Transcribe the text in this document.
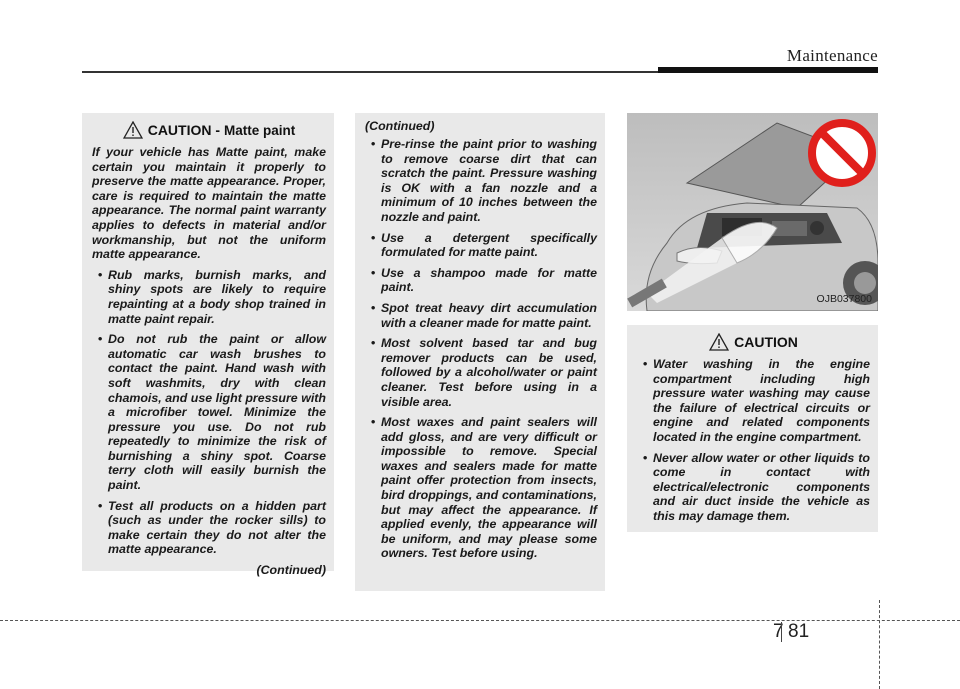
Maintenance
CAUTION - Matte paint

If your vehicle has Matte paint, make certain you maintain it properly to preserve the matte appearance. Proper, care is required to maintain the matte appearance. The normal paint warranty applies to defects in material and/or workmanship, but not the uniform matte appearance.

• Rub marks, burnish marks, and shiny spots are likely to require repainting at a body shop trained in matte paint repair.
• Do not rub the paint or allow automatic car wash brushes to contact the paint. Hand wash with soft washmits, dry with clean chamois, and use light pressure with a microfiber towel. Minimize the pressure you use. Do not rub repeatedly to minimize the risk of burnishing a shiny spot. Coarse terry cloth will easily burnish the paint.
• Test all products on a hidden part (such as under the rocker sills) to make certain they do not alter the matte appearance.
(Continued)
(Continued)
• Pre-rinse the paint prior to washing to remove coarse dirt that can scratch the paint. Pressure washing is OK with a fan nozzle and a minimum of 10 inches between the nozzle and paint.
• Use a detergent specifically formulated for matte paint.
• Use a shampoo made for matte paint.
• Spot treat heavy dirt accumulation with a cleaner made for matte paint.
• Most solvent based tar and bug remover products can be used, followed by a alcohol/water or paint cleaner. Test before using in a visible area.
• Most waxes and paint sealers will add gloss, and are very difficult or impossible to remove. Special waxes and sealers made for matte paint offer protection from insects, bird droppings, and contaminations, but may affect the appearance. If applied evenly, the appearance will be uniform, and may please some owners. Test before using.
OJB037800
CAUTION
• Water washing in the engine compartment including high pressure water washing may cause the failure of electrical circuits or engine and related components located in the engine compartment.
• Never allow water or other liquids to come in contact with electrical/electronic components and air duct inside the vehicle as this may damage them.
7 81
